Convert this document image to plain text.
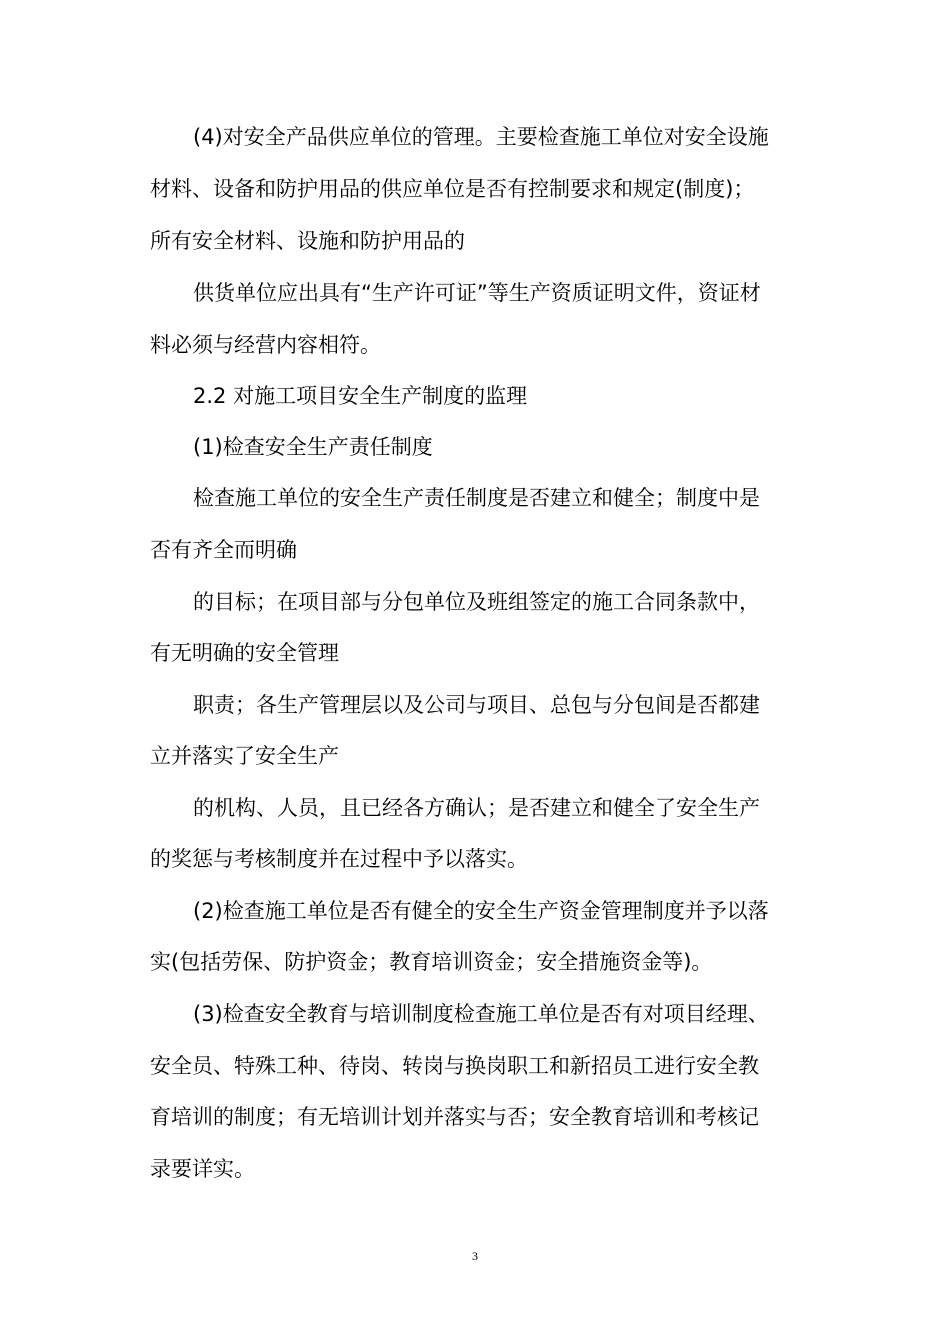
(4)对安全产品供应单位的管理。主要检查施工单位对安全设施
材料、设备和防护用品的供应单位是否有控制要求和规定(制度)；
所有安全材料、设施和防护用品的
供货单位应出具有“生产许可证”等生产资质证明文件，资证材
料必须与经营内容相符。
2.2 对施工项目安全生产制度的监理
(1)检查安全生产责任制度
检查施工单位的安全生产责任制度是否建立和健全；制度中是
否有齐全而明确
的目标；在项目部与分包单位及班组签定的施工合同条款中，
有无明确的安全管理
职责；各生产管理层以及公司与项目、总包与分包间是否都建
立并落实了安全生产
的机构、人员，且已经各方确认；是否建立和健全了安全生产
的奖惩与考核制度并在过程中予以落实。
(2)检查施工单位是否有健全的安全生产资金管理制度并予以落
实(包括劳保、防护资金；教育培训资金；安全措施资金等)。
(3)检查安全教育与培训制度检查施工单位是否有对项目经理、
安全员、特殊工种、待岗、转岗与换岗职工和新招员工进行安全教
育培训的制度；有无培训计划并落实与否；安全教育培训和考核记
录要详实。
3
